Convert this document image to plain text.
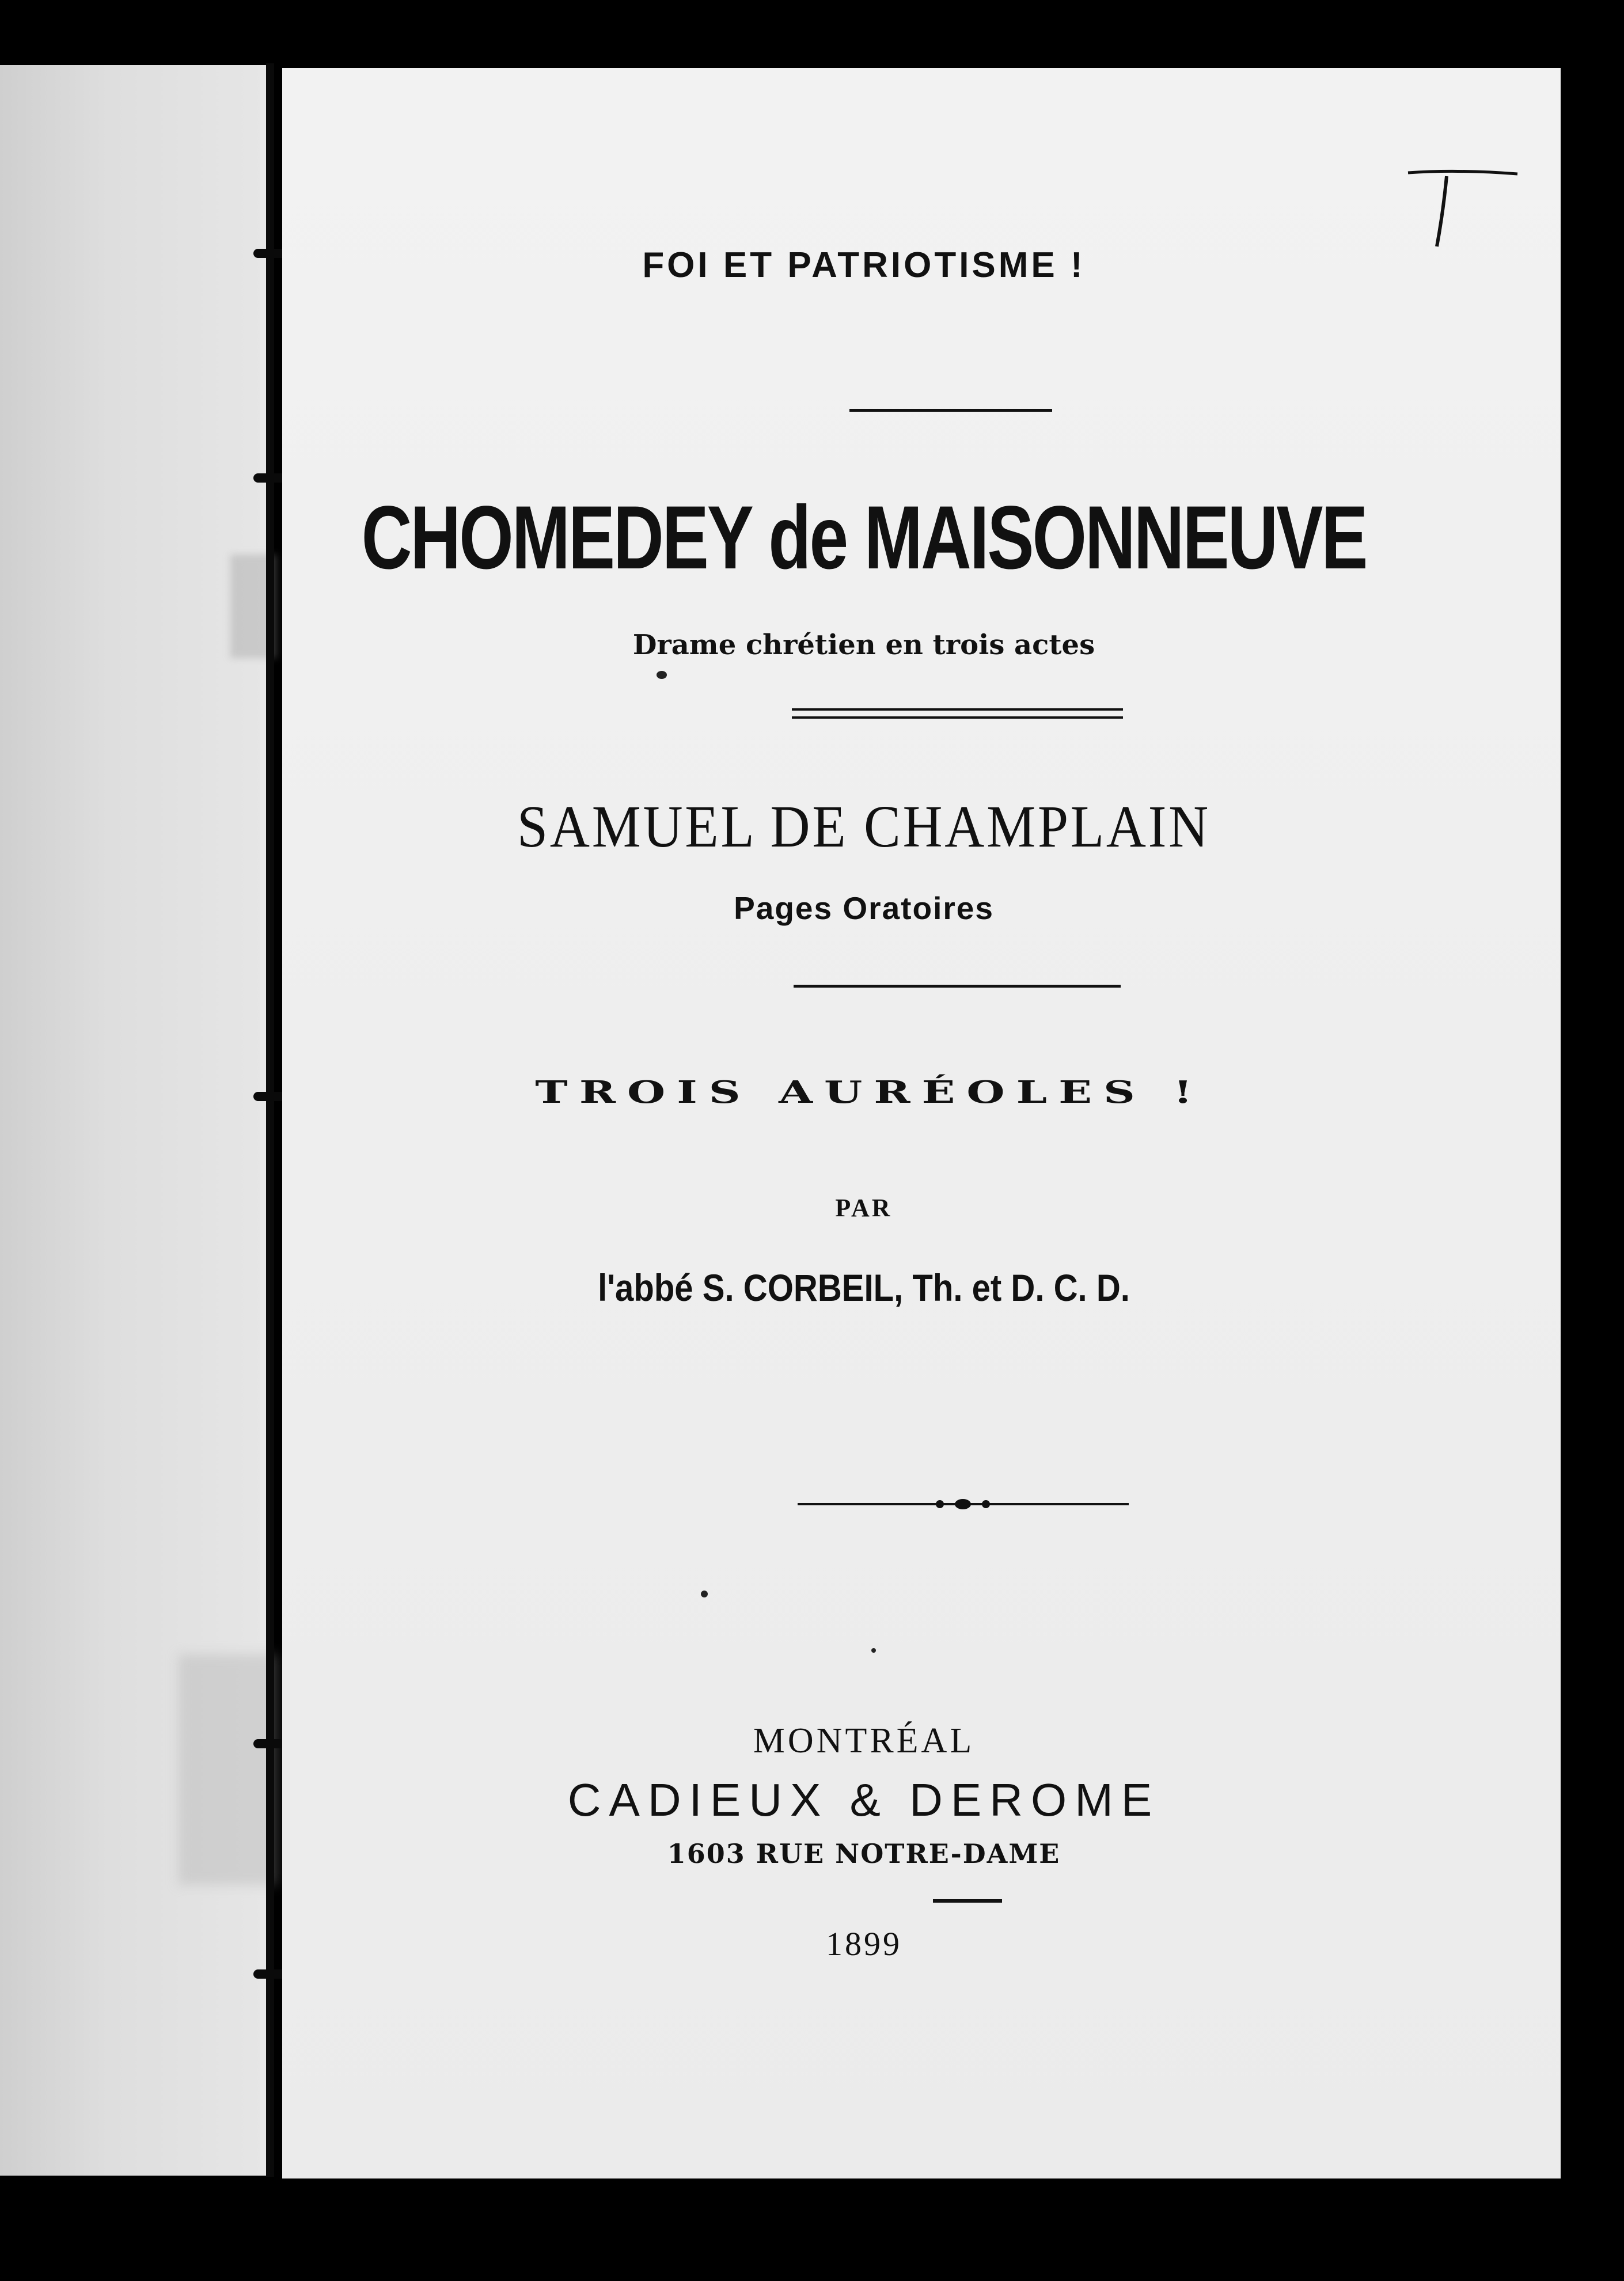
FOI ET PATRIOTISME !
CHOMEDEY de MAISONNEUVE
Drame chrétien en trois actes
SAMUEL DE CHAMPLAIN
Pages Oratoires
TROIS AURÉOLES !
PAR
l'abbé S. CORBEIL, Th. et D. C. D.
MONTRÉAL
CADIEUX & DEROME
1603 RUE NOTRE-DAME
1899
